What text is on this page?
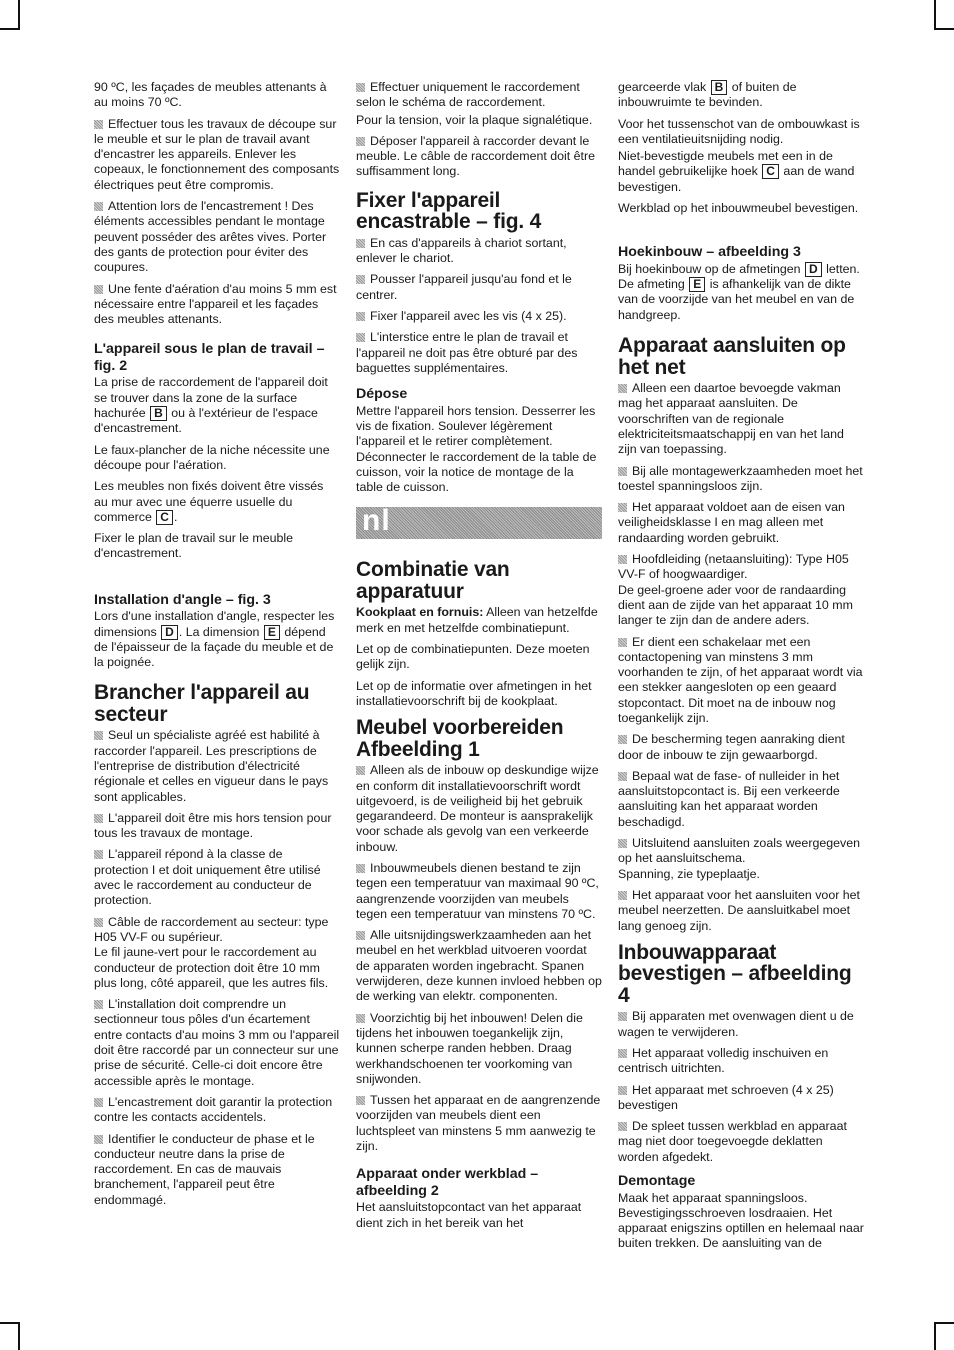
90 ºC, les façades de meubles attenants à au moins 70 ºC.

Effectuer tous les travaux de découpe sur le meuble et sur le plan de travail avant d'encastrer les appareils. Enlever les copeaux, le fonctionnement des composants électriques peut être compromis.

Attention lors de l'encastrement ! Des éléments accessibles pendant le montage peuvent posséder des arêtes vives. Porter des gants de protection pour éviter des coupures.

Une fente d'aération d'au moins 5 mm est nécessaire entre l'appareil et les façades des meubles attenants.

L'appareil sous le plan de travail – fig. 2

La prise de raccordement de l'appareil doit se trouver dans la zone de la surface hachurée B ou à l'extérieur de l'espace d'encastrement.

Le faux-plancher de la niche nécessite une découpe pour l'aération.

Les meubles non fixés doivent être vissés au mur avec une équerre usuelle du commerce C .

Fixer le plan de travail sur le meuble d'encastrement.

Installation d'angle – fig. 3

Lors d'une installation d'angle, respecter les dimensions D . La dimension E dépend de l'épaisseur de la façade du meuble et de la poignée.

Brancher l'appareil au secteur

Seul un spécialiste agréé est habilité à raccorder l'appareil. Les prescriptions de l'entreprise de distribution d'électricité régionale et celles en vigueur dans le pays sont applicables.

L'appareil doit être mis hors tension pour tous les travaux de montage.

L'appareil répond à la classe de protection I et doit uniquement être utilisé avec le raccordement au conducteur de protection.

Câble de raccordement au secteur: type H05 VV-F ou supérieur.

Le fil jaune-vert pour le raccordement au conducteur de protection doit être 10 mm plus long, côté appareil, que les autres fils.

L'installation doit comprendre un sectionneur tous pôles d'un écartement entre contacts d'au moins 3 mm ou l'appareil doit être raccordé par un connecteur sur une prise de sécurité. Celle-ci doit encore être accessible après le montage.

L'encastrement doit garantir la protection contre les contacts accidentels.

Identifier le conducteur de phase et le conducteur neutre dans la prise de raccordement. En cas de mauvais branchement, l'appareil peut être endommagé.

Effectuer uniquement le raccordement selon le schéma de raccordement.

Pour la tension, voir la plaque signalétique.

Déposer l'appareil à raccorder devant le meuble. Le câble de raccordement doit être suffisamment long.

Fixer l'appareil encastrable – fig. 4

En cas d'appareils à chariot sortant, enlever le chariot.

Pousser l'appareil jusqu'au fond et le centrer.

Fixer l'appareil avec les vis (4 x 25).

L'interstice entre le plan de travail et l'appareil ne doit pas être obturé par des baguettes supplémentaires.

Dépose

Mettre l'appareil hors tension. Desserrer les vis de fixation. Soulever légèrement l'appareil et le retirer complètement. Déconnecter le raccordement de la table de cuisson, voir la notice de montage de la table de cuisson.

nl
Combinatie van apparatuur

Kookplaat en fornuis: Alleen van hetzelfde merk en met hetzelfde combinatiepunt.

Let op de combinatiepunten. Deze moeten gelijk zijn.

Let op de informatie over afmetingen in het installatievoorschrift bij de kookplaat.

Meubel voorbereiden Afbeelding 1

Alleen als de inbouw op deskundige wijze en conform dit installatievoorschrift wordt uitgevoerd, is de veiligheid bij het gebruik gegarandeerd. De monteur is aansprakelijk voor schade als gevolg van een verkeerde inbouw.

Inbouwmeubels dienen bestand te zijn tegen een temperatuur van maximaal 90 ºC, aangrenzende voorzijden van meubels tegen een temperatuur van minstens 70 ºC.

Alle uitsnijdingswerkzaamheden aan het meubel en het werkblad uitvoeren voordat de apparaten worden ingebracht. Spanen verwijderen, deze kunnen invloed hebben op de werking van elektr. componenten.

Voorzichtig bij het inbouwen! Delen die tijdens het inbouwen toegankelijk zijn, kunnen scherpe randen hebben. Draag werkhandschoenen ter voorkoming van snijwonden.

Tussen het apparaat en de aangrenzende voorzijden van meubels dient een luchtspleet van minstens 5 mm aanwezig te zijn.

Apparaat onder werkblad – afbeelding 2

Het aansluitstopcontact van het apparaat dient zich in het bereik van het

gearceerde vlak B of buiten de inbouwruimte te bevinden.

Voor het tussenschot van de ombouwkast is een ventilatieuitsnijding nodig.

Niet-bevestigde meubels met een in de handel gebruikelijke hoek C aan de wand bevestigen.

Werkblad op het inbouwmeubel bevestigen.

Hoekinbouw – afbeelding 3

Bij hoekinbouw op de afmetingen D letten. De afmeting E is afhankelijk van de dikte van de voorzijde van het meubel en van de handgreep.

Apparaat aansluiten op het net

Alleen een daartoe bevoegde vakman mag het apparaat aansluiten. De voorschriften van de regionale elektriciteitsmaatschappij en van het land zijn van toepassing.

Bij alle montagewerkzaamheden moet het toestel spanningsloos zijn.

Het apparaat voldoet aan de eisen van veiligheidsklasse I en mag alleen met randaarding worden gebruikt.

Hoofdleiding (netaansluiting): Type H05 VV-F of hoogwaardiger.

De geel-groene ader voor de randaarding dient aan de zijde van het apparaat 10 mm langer te zijn dan de andere aders.

Er dient een schakelaar met een contactopening van minstens 3 mm voorhanden te zijn, of het apparaat wordt via een stekker aangesloten op een geaard stopcontact. Dit moet na de inbouw nog toegankelijk zijn.

De bescherming tegen aanraking dient door de inbouw te zijn gewaarborgd.

Bepaal wat de fase- of nulleider in het aansluitstopcontact is. Bij een verkeerde aansluiting kan het apparaat worden beschadigd.

Uitsluitend aansluiten zoals weergegeven op het aansluitschema.

Spanning, zie typeplaatje.

Het apparaat voor het aansluiten voor het meubel neerzetten. De aansluitkabel moet lang genoeg zijn.

Inbouwapparaat bevestigen – afbeelding 4

Bij apparaten met ovenwagen dient u de wagen te verwijderen.

Het apparaat volledig inschuiven en centrisch uitrichten.

Het apparaat met schroeven (4 x 25) bevestigen

De spleet tussen werkblad en apparaat mag niet door toegevoegde deklatten worden afgedekt.

Demontage

Maak het apparaat spanningsloos. Bevestigingsschroeven losdraaien. Het apparaat enigszins optillen en helemaal naar buiten trekken. De aansluiting van de
